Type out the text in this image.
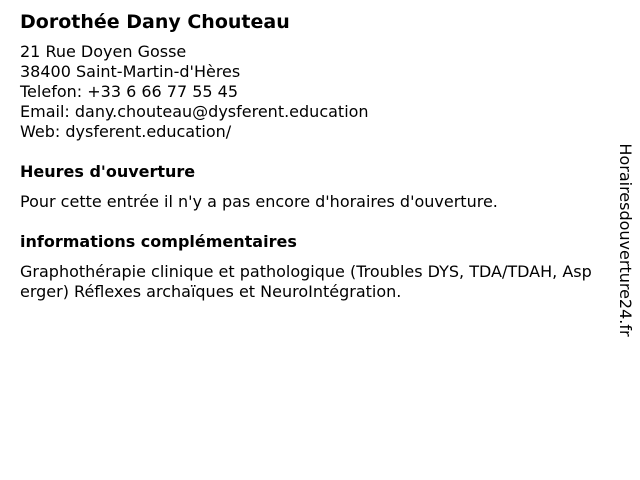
Dorothée Dany Chouteau
21 Rue Doyen Gosse
38400 Saint-Martin-d'Hères
Telefon: +33 6 66 77 55 45
Email: dany.chouteau@dysferent.education
Web: dysferent.education/
Heures d'ouverture
Pour cette entrée il n'y a pas encore d'horaires d'ouverture.
informations complémentaires
Graphothérapie clinique et pathologique (Troubles DYS, TDA/TDAH, Asperger) Réflexes archaïques et NeuroIntégration.	Horairesdouverture24.fr
